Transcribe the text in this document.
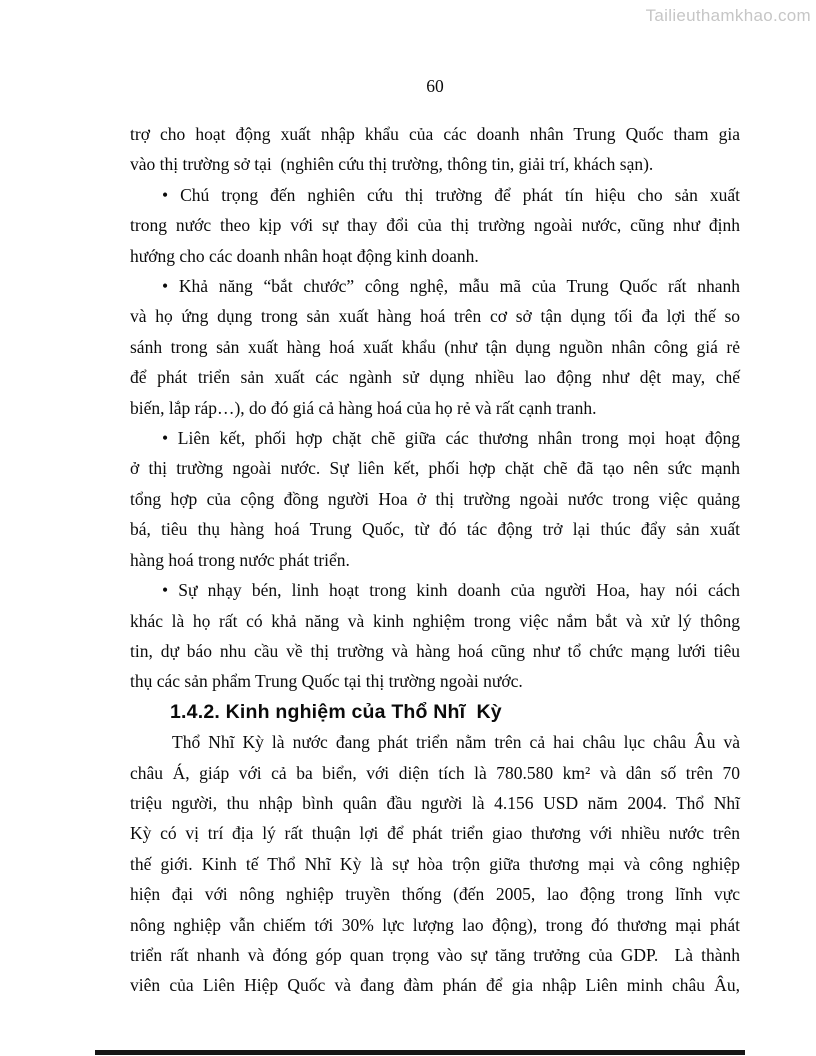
Tailieuthamkhao.com
60
trợ cho hoạt động xuất nhập khẩu của các doanh nhân Trung Quốc tham gia
vào thị trường sở tại  (nghiên cứu thị trường, thông tin, giải trí, khách sạn).
• Chú trọng đến nghiên cứu thị trường để phát tín hiệu cho sản xuất
trong nước theo kịp với sự thay đổi của thị trường ngoài nước, cũng như định
hướng cho các doanh nhân hoạt động kinh doanh.
• Khả năng “bắt chước” công nghệ, mẫu mã của Trung Quốc rất nhanh
và họ ứng dụng trong sản xuất hàng hoá trên cơ sở tận dụng tối đa lợi thế so
sánh trong sản xuất hàng hoá xuất khẩu (như tận dụng nguồn nhân công giá rẻ
để phát triển sản xuất các ngành sử dụng nhiều lao động như dệt may, chế
biến, lắp ráp…), do đó giá cả hàng hoá của họ rẻ và rất cạnh tranh.
• Liên kết, phối hợp chặt chẽ giữa các thương nhân trong mọi hoạt động
ở thị trường ngoài nước. Sự liên kết, phối hợp chặt chẽ đã tạo nên sức mạnh
tổng hợp của cộng đồng người Hoa ở thị trường ngoài nước trong việc quảng
bá, tiêu thụ hàng hoá Trung Quốc, từ đó tác động trở lại thúc đẩy sản xuất
hàng hoá trong nước phát triển.
• Sự nhạy bén, linh hoạt trong kinh doanh của người Hoa, hay nói cách
khác là họ rất có khả năng và kinh nghiệm trong việc nắm bắt và xử lý thông
tin, dự báo nhu cầu về thị trường và hàng hoá cũng như tổ chức mạng lưới tiêu
thụ các sản phẩm Trung Quốc tại thị trường ngoài nước.
1.4.2. Kinh nghiệm của Thổ Nhĩ  Kỳ
Thổ Nhĩ Kỳ là nước đang phát triển nằm trên cả hai châu lục châu Âu và
châu Á, giáp với cả ba biển, với diện tích là 780.580 km² và dân số trên 70
triệu người, thu nhập bình quân đầu người là 4.156 USD năm 2004. Thổ Nhĩ
Kỳ có vị trí địa lý rất thuận lợi để phát triển giao thương với nhiều nước trên
thế giới. Kinh tế Thổ Nhĩ Kỳ là sự hòa trộn giữa thương mại và công nghiệp
hiện đại với nông nghiệp truyền thống (đến 2005, lao động trong lĩnh vực
nông nghiệp vẫn chiếm tới 30% lực lượng lao động), trong đó thương mại phát
triển rất nhanh và đóng góp quan trọng vào sự tăng trưởng của GDP.  Là thành
viên của Liên Hiệp Quốc và đang đàm phán để gia nhập Liên minh châu Âu,
